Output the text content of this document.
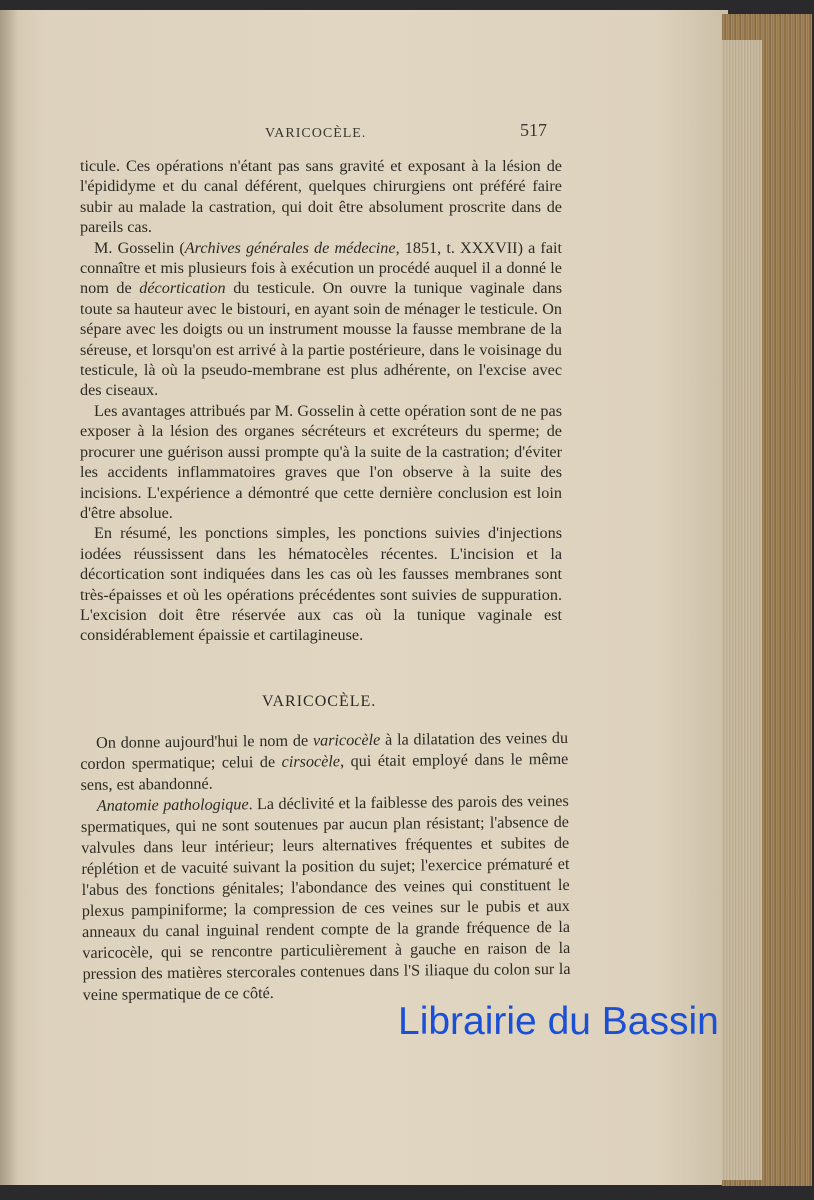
VARICOCÈLE.	517

ticule. Ces opérations n'étant pas sans gravité et exposant à la lésion de l'épididyme et du canal déférent, quelques chirurgiens ont préféré faire subir au malade la castration, qui doit être absolument proscrite dans de pareils cas.

M. Gosselin (Archives générales de médecine, 1851, t. XXXVII) a fait connaître et mis plusieurs fois à exécution un procédé auquel il a donné le nom de décortication du testicule. On ouvre la tunique vaginale dans toute sa hauteur avec le bistouri, en ayant soin de ménager le testicule. On sépare avec les doigts ou un instrument mousse la fausse membrane de la séreuse, et lorsqu'on est arrivé à la partie postérieure, dans le voisinage du testicule, là où la pseudo-membrane est plus adhérente, on l'excise avec des ciseaux.

Les avantages attribués par M. Gosselin à cette opération sont de ne pas exposer à la lésion des organes sécréteurs et excréteurs du sperme; de procurer une guérison aussi prompte qu'à la suite de la castration; d'éviter les accidents inflammatoires graves que l'on observe à la suite des incisions. L'expérience a démontré que cette dernière conclusion est loin d'être absolue.

En résumé, les ponctions simples, les ponctions suivies d'injections iodées réussissent dans les hématocèles récentes. L'incision et la décortication sont indiquées dans les cas où les fausses membranes sont très-épaisses et où les opérations précédentes sont suivies de suppuration. L'excision doit être réservée aux cas où la tunique vaginale est considérablement épaissie et cartilagineuse.

VARICOCÈLE.

On donne aujourd'hui le nom de varicocèle à la dilatation des veines du cordon spermatique; celui de cirsocèle, qui était employé dans le même sens, est abandonné.

Anatomie pathologique. La déclivité et la faiblesse des parois des veines spermatiques, qui ne sont soutenues par aucun plan résistant; l'absence de valvules dans leur intérieur; leurs alternatives fréquentes et subites de réplétion et de vacuité suivant la position du sujet; l'exercice prématuré et l'abus des fonctions génitales; l'abondance des veines qui constituent le plexus pampiniforme; la compression de ces veines sur le pubis et aux anneaux du canal inguinal rendent compte de la grande fréquence de la varicocèle, qui se rencontre particulièrement à gauche en raison de la pression des matières stercorales contenues dans l'S iliaque du colon sur la veine spermatique de ce côté.

Librairie du Bassin
